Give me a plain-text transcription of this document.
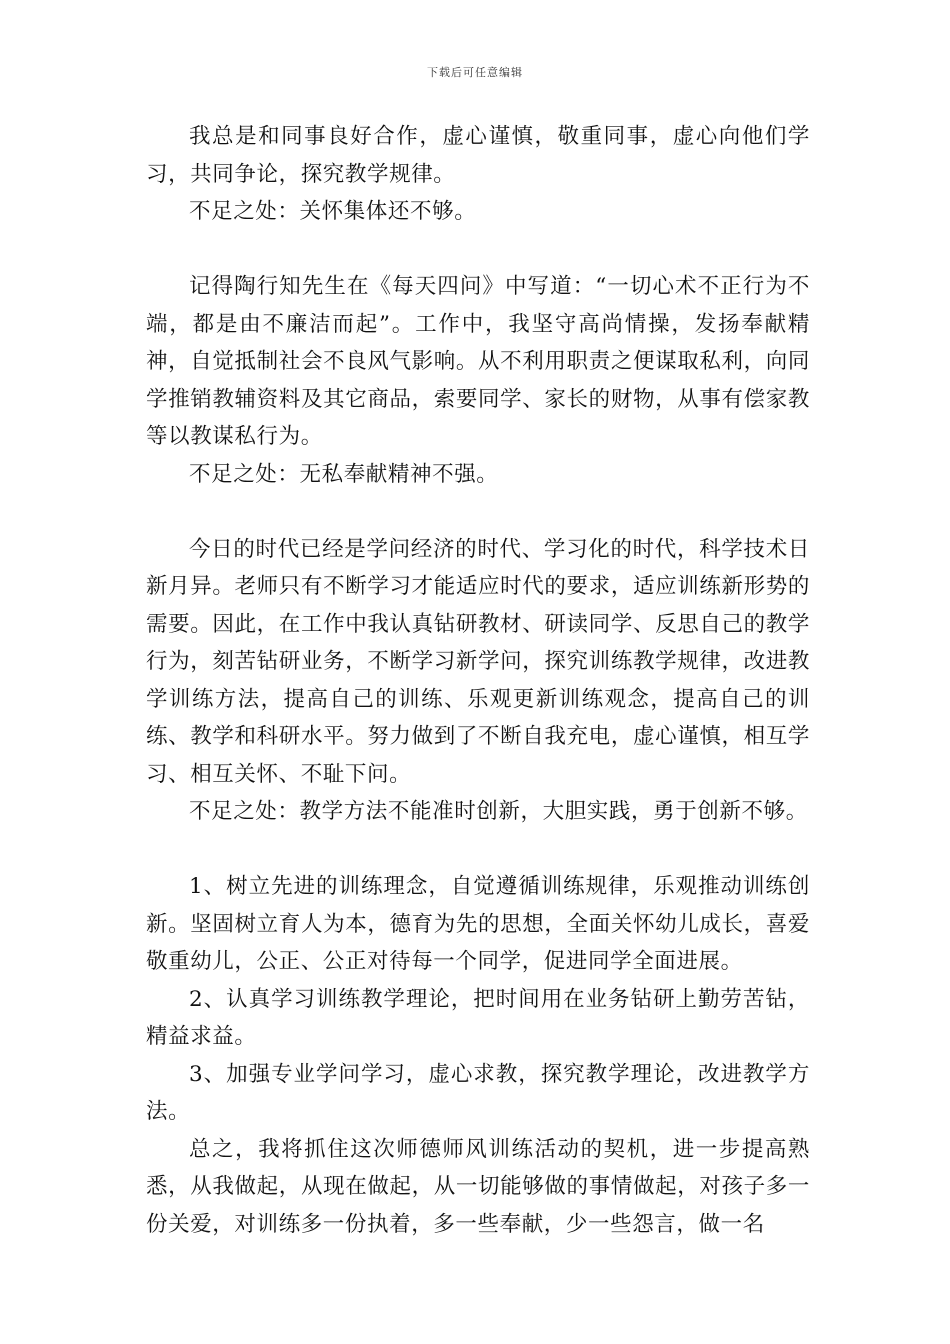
下载后可任意编辑

我总是和同事良好合作，虚心谨慎，敬重同事，虚心向他们学习，共同争论，探究教学规律。

不足之处：关怀集体还不够。

记得陶行知先生在《每天四问》中写道：“一切心术不正行为不端，都是由不廉洁而起”。工作中，我坚守高尚情操，发扬奉献精神，自觉抵制社会不良风气影响。从不利用职责之便谋取私利，向同学推销教辅资料及其它商品，索要同学、家长的财物，从事有偿家教等以教谋私行为。

不足之处：无私奉献精神不强。

今日的时代已经是学问经济的时代、学习化的时代，科学技术日新月异。老师只有不断学习才能适应时代的要求，适应训练新形势的需要。因此，在工作中我认真钻研教材、研读同学、反思自己的教学行为，刻苦钻研业务，不断学习新学问，探究训练教学规律，改进教学训练方法，提高自己的训练、乐观更新训练观念，提高自己的训练、教学和科研水平。努力做到了不断自我充电，虚心谨慎，相互学习、相互关怀、不耻下问。

不足之处：教学方法不能准时创新，大胆实践，勇于创新不够。

1、树立先进的训练理念，自觉遵循训练规律，乐观推动训练创新。坚固树立育人为本，德育为先的思想，全面关怀幼儿成长，喜爱敬重幼儿，公正、公正对待每一个同学，促进同学全面进展。

2、认真学习训练教学理论，把时间用在业务钻研上勤劳苦钻，精益求益。

3、加强专业学问学习，虚心求教，探究教学理论，改进教学方法。

总之，我将抓住这次师德师风训练活动的契机，进一步提高熟悉，从我做起，从现在做起，从一切能够做的事情做起，对孩子多一份关爱，对训练多一份执着，多一些奉献，少一些怨言，做一名
